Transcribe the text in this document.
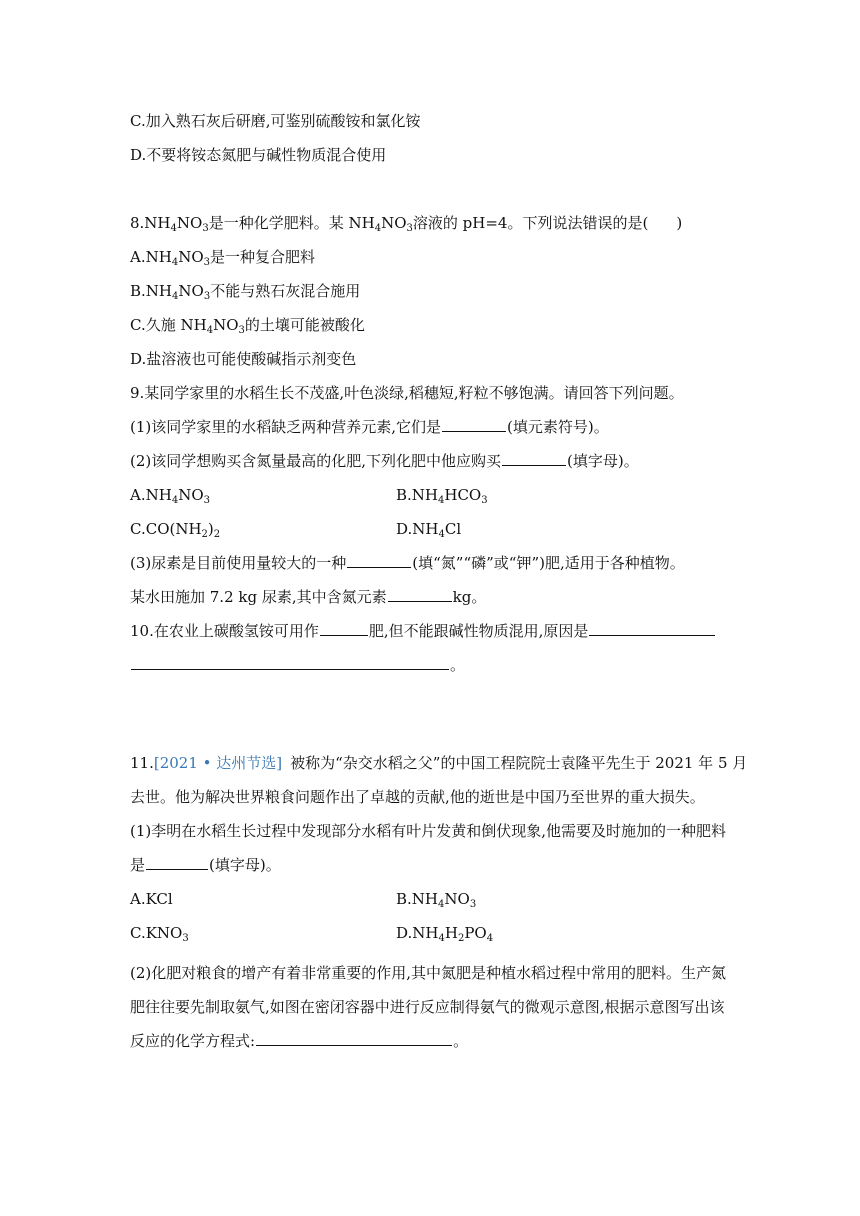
C.加入熟石灰后研磨,可鉴别硫酸铵和氯化铵
D.不要将铵态氮肥与碱性物质混合使用
$8.NH_4NO_3$是一种化学肥料。某 $NH_4NO_3$溶液的 pH=4。下列说法错误的是( )
$A.NH_4NO_3$是一种复合肥料
$B.NH_4NO_3$不能与熟石灰混合施用
C.久施 $NH_4NO_3$的土壤可能被酸化
D.盐溶液也可能使酸碱指示剂变色
9.某同学家里的水稻生长不茂盛,叶色淡绿,稻穗短,籽粒不够饱满。请回答下列问题。
(1)该同学家里的水稻缺乏两种营养元素,它们是	(填元素符号)。
(2)该同学想购买含氮量最高的化肥,下列化肥中他应购买	(填字母)。
$A.NH_4NO_3$	$B.NH_4HCO_3$
$C.CO(NH_2)_2$	$D.NH_4Cl$
(3)尿素是目前使用量较大的一种	(填“氮”“磷”或“钾”)肥,适用于各种植物。
某水田施加 7.2 kg 尿素,其中含氮元素	kg。
10.在农业上碳酸氢铵可用作	肥,但不能跟碱性物质混用,原因是
。
11.[2021 • 达州节选] 被称为“杂交水稻之父”的中国工程院院士袁隆平先生于 2021 年 5 月
去世。他为解决世界粮食问题作出了卓越的贡献,他的逝世是中国乃至世界的重大损失。
(1)李明在水稻生长过程中发现部分水稻有叶片发黄和倒伏现象,他需要及时施加的一种肥料
是	(填字母)。
A.KCl	$B.NH_4NO_3$
$C.KNO_3$	$D.NH_4H_2PO_4$
(2)化肥对粮食的增产有着非常重要的作用,其中氮肥是种植水稻过程中常用的肥料。生产氮
肥往往要先制取氨气,如图在密闭容器中进行反应制得氨气的微观示意图,根据示意图写出该
反应的化学方程式:	。
